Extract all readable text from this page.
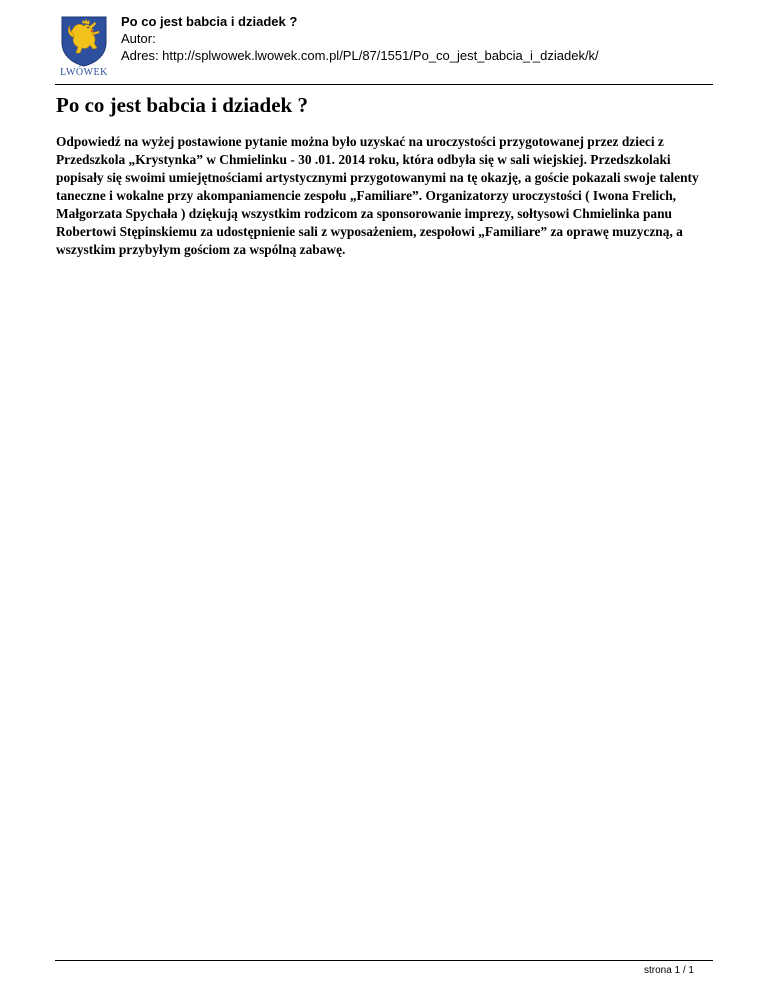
LWÓWEK
Po co jest babcia i dziadek ?
Autor:
Adres: http://splwowek.lwowek.com.pl/PL/87/1551/Po_co_jest_babcia_i_dziadek/k/
Po co jest babcia i dziadek ?

Odpowiedź na wyżej postawione pytanie można było uzyskać na uroczystości przygotowanej przez dzieci z Przedszkola „Krystynka” w Chmielinku - 30 .01. 2014 roku, która odbyła się w sali wiejskiej. Przedszkolaki popisały się swoimi umiejętnościami artystycznymi przygotowanymi na tę okazję, a goście pokazali swoje talenty taneczne i wokalne przy akompaniamencie zespołu „Familiare”. Organizatorzy uroczystości ( Iwona Frelich, Małgorzata Spychała ) dziękują wszystkim rodzicom za sponsorowanie imprezy, sołtysowi Chmielinka panu Robertowi Stępinskiemu za udostępnienie sali z wyposażeniem, zespołowi „Familiare” za oprawę muzyczną, a wszystkim przybyłym gościom za wspólną zabawę.

strona 1 / 1
